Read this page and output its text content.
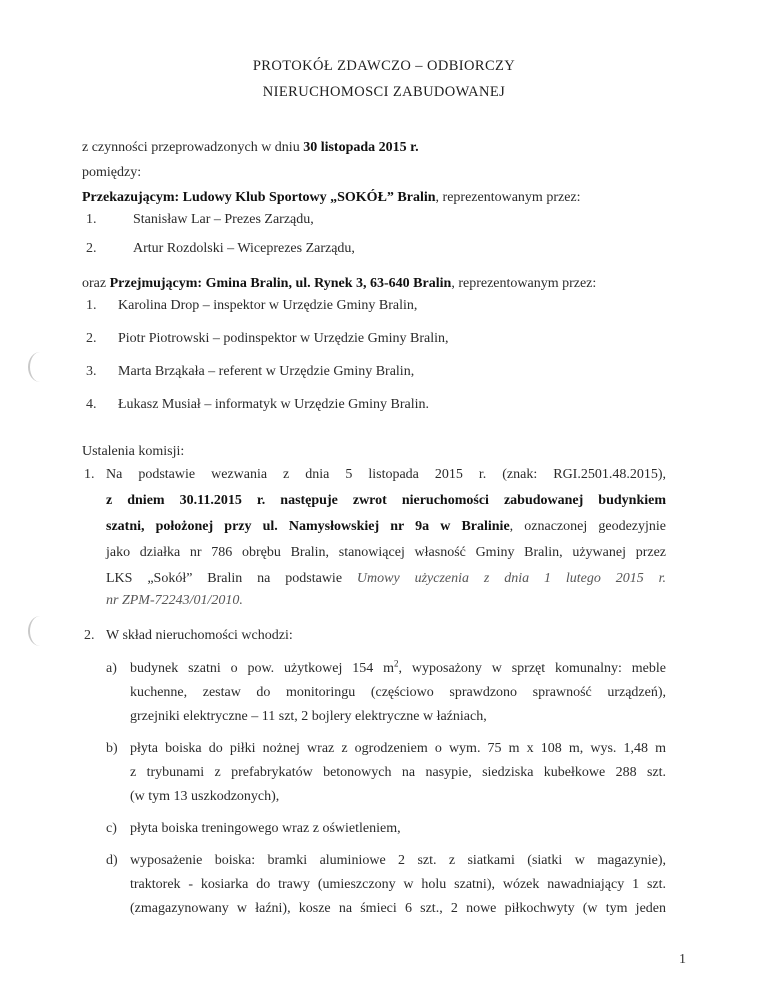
PROTOKÓŁ ZDAWCZO – ODBIORCZY
NIERUCHOMOSCI ZABUDOWANEJ
z czynności przeprowadzonych w dniu 30 listopada 2015 r.
pomiędzy:
Przekazującym: Ludowy Klub Sportowy „SOKÓŁ” Bralin, reprezentowanym przez:
1.	Stanisław Lar – Prezes Zarządu,
2.	Artur Rozdolski – Wiceprezes Zarządu,
oraz Przejmującym: Gmina Bralin, ul. Rynek 3, 63-640 Bralin, reprezentowanym przez:
1. Karolina Drop – inspektor w Urzędzie Gminy Bralin,
2. Piotr Piotrowski – podinspektor w Urzędzie Gminy Bralin,
3. Marta Brząkała – referent w Urzędzie Gminy Bralin,
4. Łukasz Musiał – informatyk w Urzędzie Gminy Bralin.
Ustalenia komisji:
1. Na podstawie wezwania z dnia 5 listopada 2015 r. (znak: RGI.2501.48.2015),
z dniem 30.11.2015 r. następuje zwrot nieruchomości zabudowanej budynkiem
szatni, położonej przy ul. Namysłowskiej nr 9a w Bralinie, oznaczonej geodezyjnie
jako działka nr 786 obrębu Bralin, stanowiącej własność Gminy Bralin, używanej przez
LKS „Sokół” Bralin na podstawie Umowy użyczenia z dnia 1 lutego 2015 r.
nr ZPM-72243/01/2010.
2. W skład nieruchomości wchodzi:
a) budynek szatni o pow. użytkowej 154 $m^2$, wyposażony w sprzęt komunalny: meble
kuchenne, zestaw do monitoringu (częściowo sprawdzono sprawność urządzeń),
grzejniki elektryczne – 11 szt, 2 bojlery elektryczne w łaźniach,
b) płyta boiska do piłki nożnej wraz z ogrodzeniem o wym. 75 m x 108 m, wys. 1,48 m
z trybunami z prefabrykatów betonowych na nasypie, siedziska kubełkowe 288 szt.
(w tym 13 uszkodzonych),
c) płyta boiska treningowego wraz z oświetleniem,
d) wyposażenie boiska: bramki aluminiowe 2 szt. z siatkami (siatki w magazynie),
traktorek - kosiarka do trawy (umieszczony w holu szatni), wózek nawadniający 1 szt.
(zmagazynowany w łaźni), kosze na śmieci 6 szt., 2 nowe piłkochwyty (w tym jeden
1
